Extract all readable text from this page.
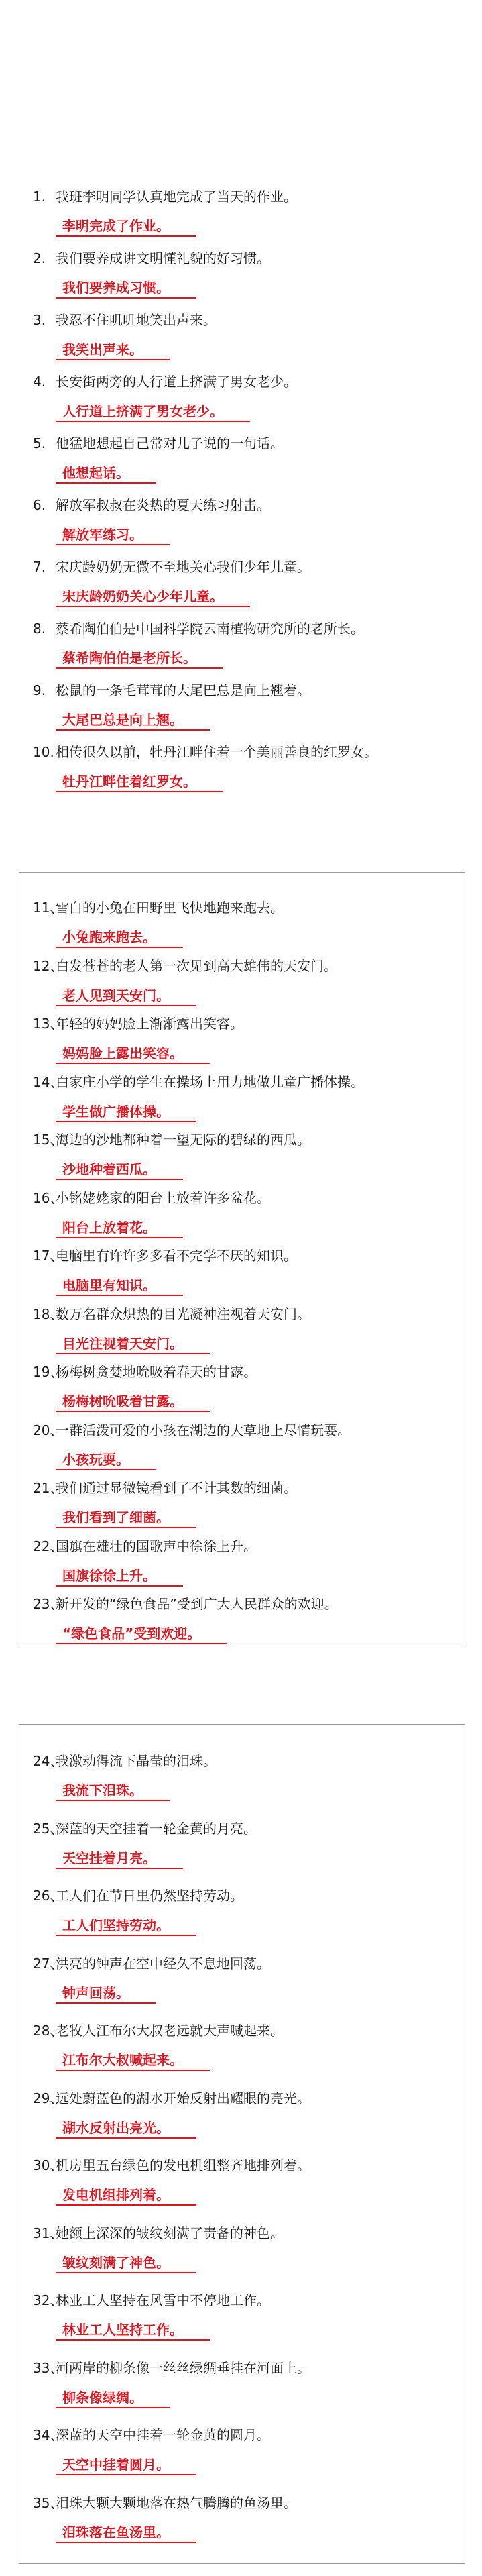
1. 我班李明同学认真地完成了当天的作业。
李明完成了作业。
2. 我们要养成讲文明懂礼貌的好习惯。
我们要养成习惯。
3. 我忍不住叽叽地笑出声来。
我笑出声来。
4. 长安街两旁的人行道上挤满了男女老少。
人行道上挤满了男女老少。
5. 他猛地想起自己常对儿子说的一句话。
他想起话。
6. 解放军叔叔在炎热的夏天练习射击。
解放军练习。
7. 宋庆龄奶奶无微不至地关心我们少年儿童。
宋庆龄奶奶关心少年儿童。
8. 蔡希陶伯伯是中国科学院云南植物研究所的老所长。
蔡希陶伯伯是老所长。
9. 松鼠的一条毛茸茸的大尾巴总是向上翘着。
大尾巴总是向上翘。
10. 相传很久以前，牡丹江畔住着一个美丽善良的红罗女。
牡丹江畔住着红罗女。
11、雪白的小兔在田野里飞快地跑来跑去。
小兔跑来跑去。
12、白发苍苍的老人第一次见到高大雄伟的天安门。
老人见到天安门。
13、年轻的妈妈脸上渐渐露出笑容。
妈妈脸上露出笑容。
14、白家庄小学的学生在操场上用力地做儿童广播体操。
学生做广播体操。
15、海边的沙地都种着一望无际的碧绿的西瓜。
沙地种着西瓜。
16、小铭姥姥家的阳台上放着许多盆花。
阳台上放着花。
17、电脑里有许许多多看不完学不厌的知识。
电脑里有知识。
18、数万名群众炽热的目光凝神注视着天安门。
目光注视着天安门。
19、杨梅树贪婪地吮吸着春天的甘露。
杨梅树吮吸着甘露。
20、一群活泼可爱的小孩在湖边的大草地上尽情玩耍。
小孩玩耍。
21、我们通过显微镜看到了不计其数的细菌。
我们看到了细菌。
22、国旗在雄壮的国歌声中徐徐上升。
国旗徐徐上升。
23、新开发的“绿色食品”受到广大人民群众的欢迎。
“绿色食品”受到欢迎。
24、我激动得流下晶莹的泪珠。
我流下泪珠。
25、深蓝的天空挂着一轮金黄的月亮。
天空挂着月亮。
26、工人们在节日里仍然坚持劳动。
工人们坚持劳动。
27、洪亮的钟声在空中经久不息地回荡。
钟声回荡。
28、老牧人江布尔大叔老远就大声喊起来。
江布尔大叔喊起来。
29、远处蔚蓝色的湖水开始反射出耀眼的亮光。
湖水反射出亮光。
30、机房里五台绿色的发电机组整齐地排列着。
发电机组排列着。
31、她额上深深的皱纹刻满了责备的神色。
皱纹刻满了神色。
32、林业工人坚持在风雪中不停地工作。
林业工人坚持工作。
33、河两岸的柳条像一丝丝绿绸垂挂在河面上。
柳条像绿绸。
34、深蓝的天空中挂着一轮金黄的圆月。
天空中挂着圆月。
35、泪珠大颗大颗地落在热气腾腾的鱼汤里。
泪珠落在鱼汤里。
